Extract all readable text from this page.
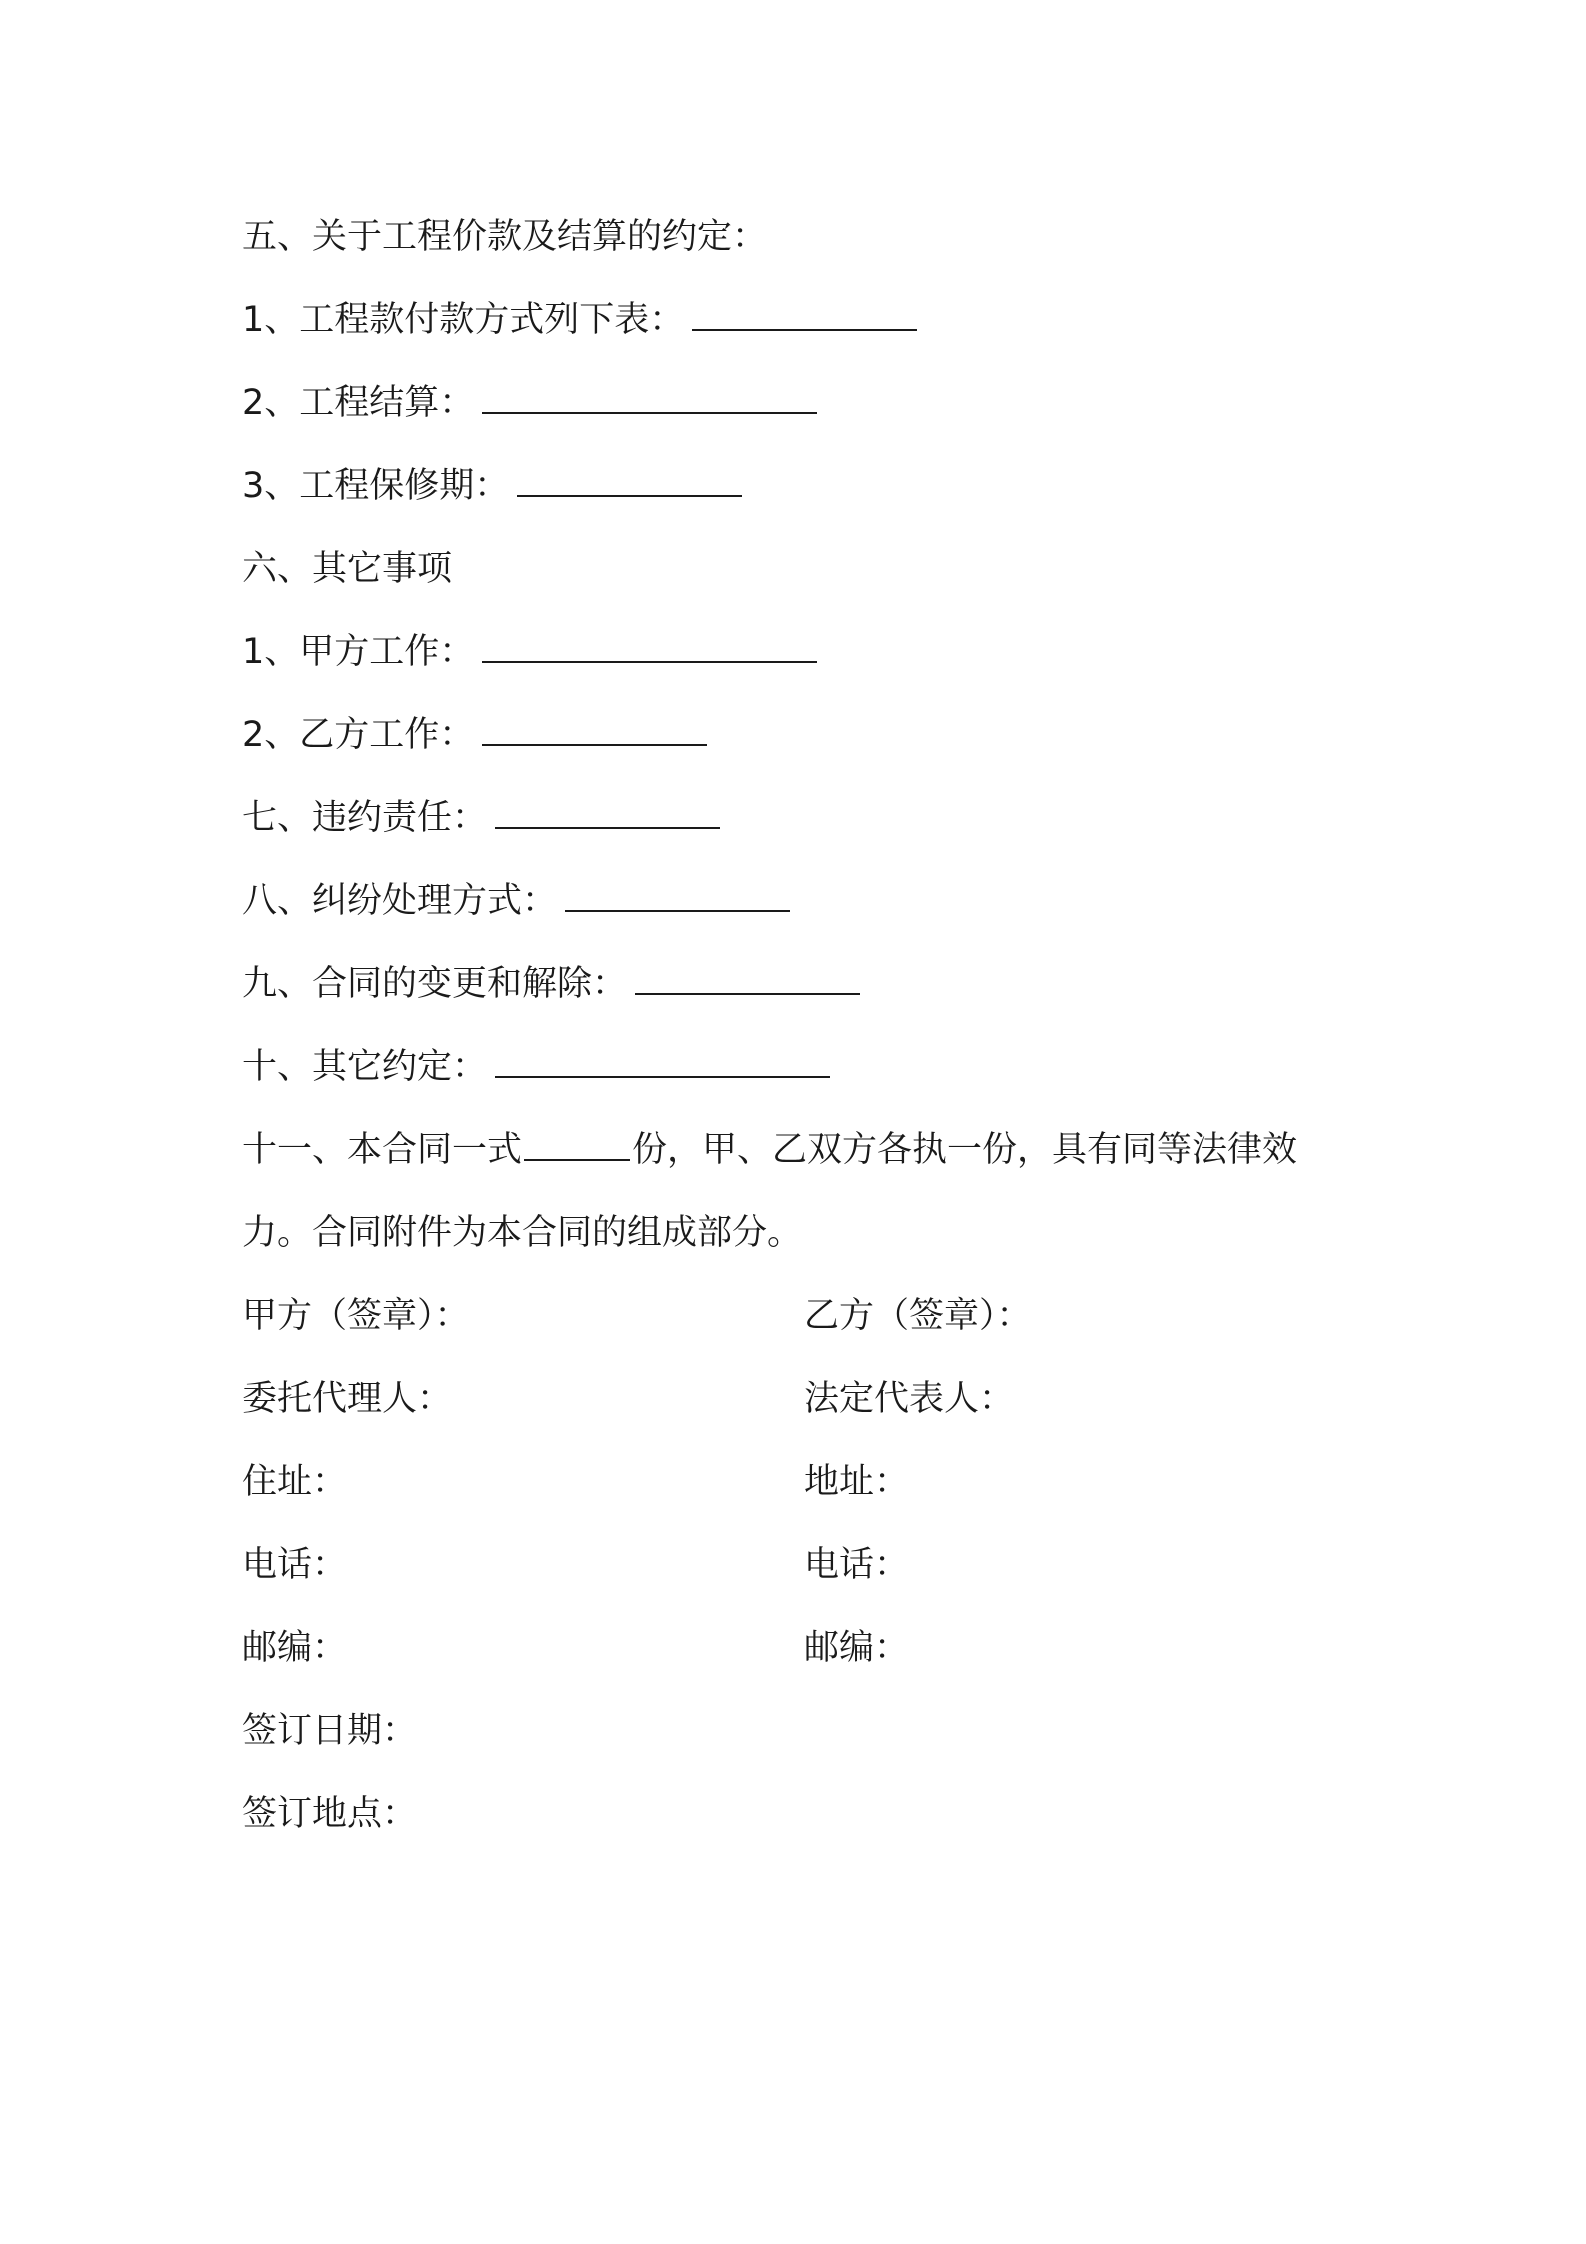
五、关于工程价款及结算的约定：
1、工程款付款方式列下表：
2、工程结算：
3、工程保修期：
六、其它事项
1、甲方工作：
2、乙方工作：
七、违约责任：
八、纠纷处理方式：
九、合同的变更和解除：
十、其它约定：
十一、本合同一式	份，甲、乙双方各执一份，具有同等法律效
力。合同附件为本合同的组成部分。
甲方（签章）：	乙方（签章）：
委托代理人：	法定代表人：
住址：	地址：
电话：	电话：
邮编：	邮编：
签订日期：
签订地点：
